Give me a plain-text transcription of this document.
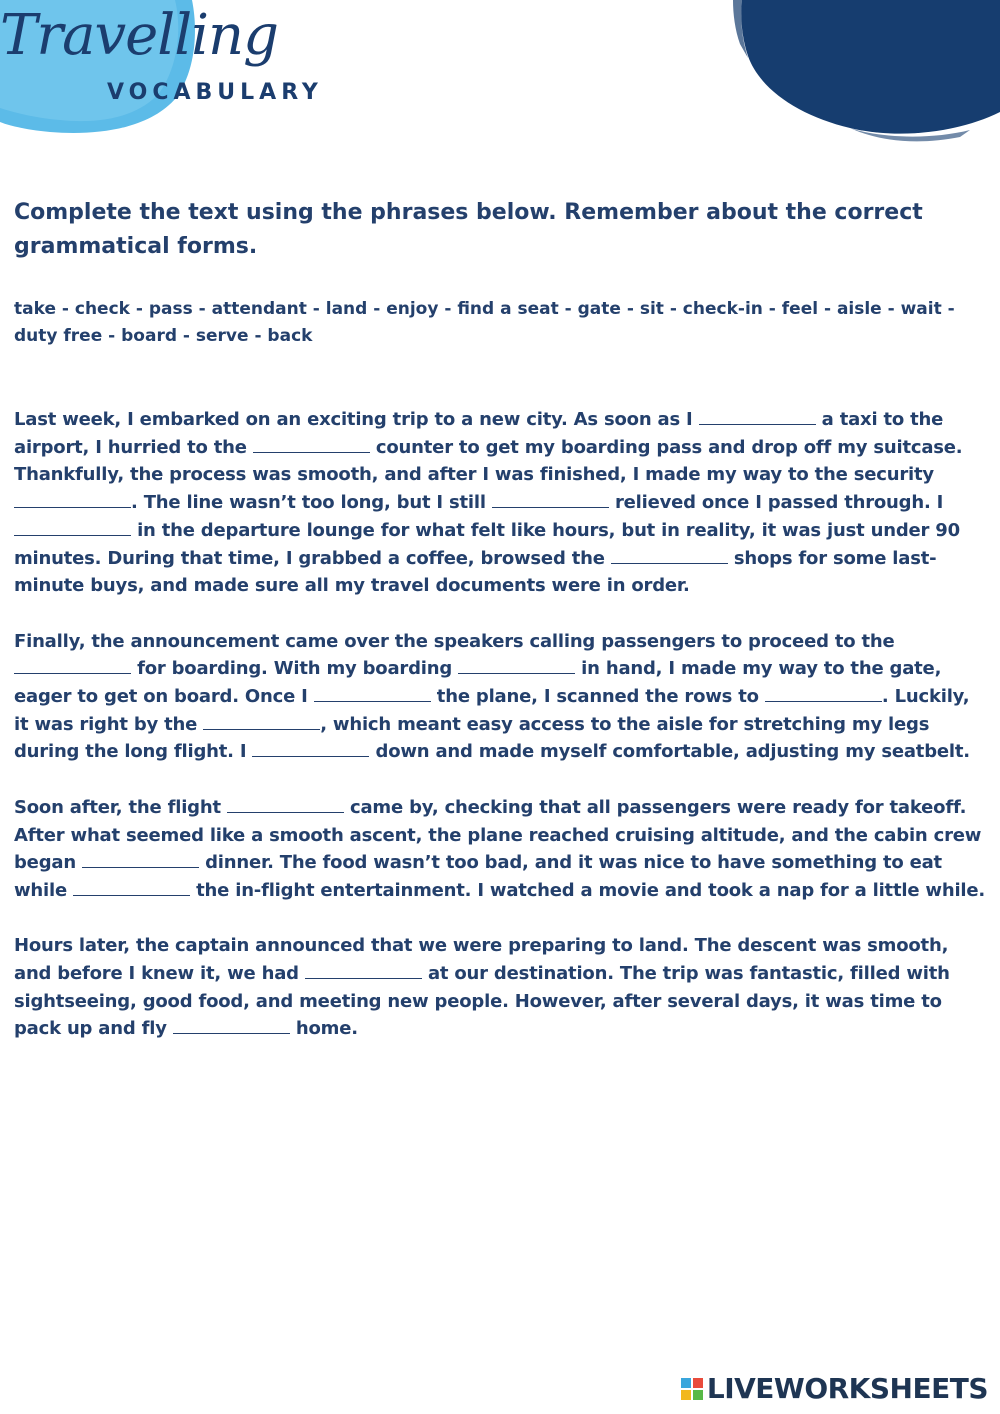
Travelling
VOCABULARY
Complete the text using the phrases below. Remember about the correct grammatical forms.
take - check - pass - attendant - land - enjoy - find a seat - gate - sit - check-in - feel - aisle - wait - duty free - board - serve - back

Last week, I embarked on an exciting trip to a new city. As soon as I	a taxi to the airport, I hurried to the	counter to get my boarding pass and drop off my suitcase. Thankfully, the process was smooth, and after I was finished, I made my way to the security . The line wasn’t too long, but I still	relieved once I passed through. I  in the departure lounge for what felt like hours, but in reality, it was just under 90 minutes. During that time, I grabbed a coffee, browsed the	shops for some last-minute buys, and made sure all my travel documents were in order.

Finally, the announcement came over the speakers calling passengers to proceed to the  for boarding. With my boarding	in hand, I made my way to the gate, eager to get on board. Once I	the plane, I scanned the rows to	. Luckily, it was right by the	, which meant easy access to the aisle for stretching my legs during the long flight. I	down and made myself comfortable, adjusting my seatbelt.

Soon after, the flight	came by, checking that all passengers were ready for takeoff. After what seemed like a smooth ascent, the plane reached cruising altitude, and the cabin crew began	dinner. The food wasn’t too bad, and it was nice to have something to eat while	the in-flight entertainment. I watched a movie and took a nap for a little while.

Hours later, the captain announced that we were preparing to land. The descent was smooth, and before I knew it, we had	at our destination. The trip was fantastic, filled with sightseeing, good food, and meeting new people. However, after several days, it was time to pack up and fly	home.

LIVEWORKSHEETS
